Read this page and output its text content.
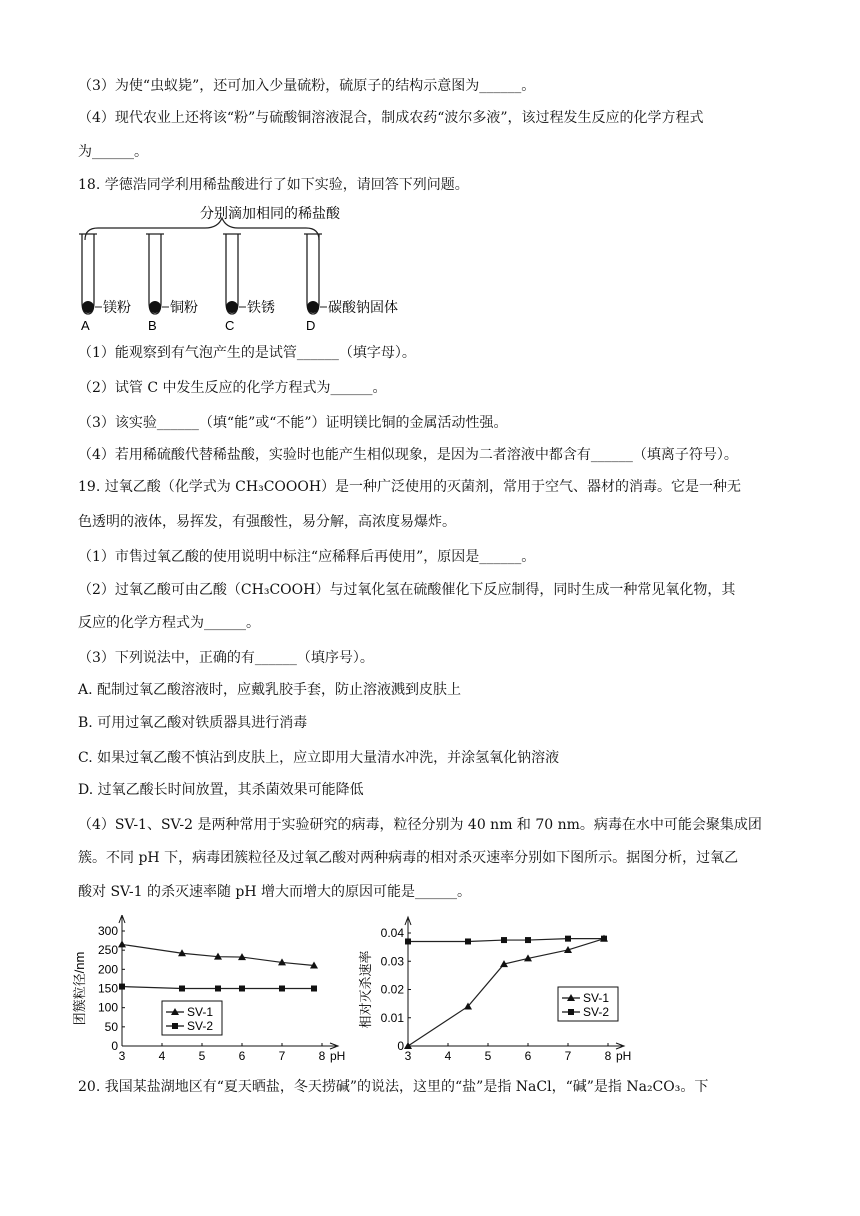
（3）为使“虫蚁毙”，还可加入少量硫粉，硫原子的结构示意图为______。
（4）现代农业上还将该“粉”与硫酸铜溶液混合，制成农药“波尔多液”，该过程发生反应的化学方程式
为______。
18. 学德浩同学利用稀盐酸进行了如下实验，请回答下列问题。
分别滴加相同的稀盐酸
镁粉
A
铜粉
B
铁锈
C
碳酸钠固体
D
（1）能观察到有气泡产生的是试管______（填字母）。
（2）试管 C 中发生反应的化学方程式为______。
（3）该实验______（填“能”或“不能”）证明镁比铜的金属活动性强。
（4）若用稀硫酸代替稀盐酸，实验时也能产生相似现象，是因为二者溶液中都含有______（填离子符号）。
19. 过氧乙酸（化学式为 CH₃COOOH）是一种广泛使用的灭菌剂，常用于空气、器材的消毒。它是一种无
色透明的液体，易挥发，有强酸性，易分解，高浓度易爆炸。
（1）市售过氧乙酸的使用说明中标注“应稀释后再使用”，原因是______。
（2）过氧乙酸可由乙酸（CH₃COOH）与过氧化氢在硫酸催化下反应制得，同时生成一种常见氧化物，其
反应的化学方程式为______。
（3）下列说法中，正确的有______（填序号）。
A. 配制过氧乙酸溶液时，应戴乳胶手套，防止溶液溅到皮肤上
B. 可用过氧乙酸对铁质器具进行消毒
C. 如果过氧乙酸不慎沾到皮肤上，应立即用大量清水冲洗，并涂氢氧化钠溶液
D. 过氧乙酸长时间放置，其杀菌效果可能降低
（4）SV-1、SV-2 是两种常用于实验研究的病毒，粒径分别为 40 nm 和 70 nm。病毒在水中可能会聚集成团
簇。不同 pH 下，病毒团簇粒径及过氧乙酸对两种病毒的相对杀灭速率分别如下图所示。据图分析，过氧乙
酸对 SV-1 的杀灭速率随 pH 增大而增大的原因可能是______。
团簇粒径/nm
0
50
100
150
200
250
300
3	4	5	6	7	8 pH
SV-1
SV-2	相对灭杀速率
0
0.01
0.02
0.03
0.04
3	4	5	6	7	8 pH
SV-1
SV-2
20. 我国某盐湖地区有“夏天晒盐，冬天捞碱”的说法，这里的“盐”是指 NaCl，“碱”是指 Na₂CO₃。下
